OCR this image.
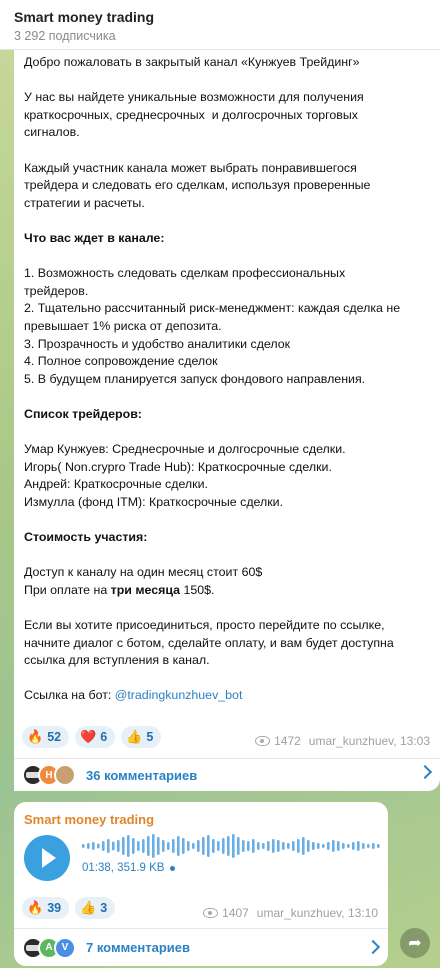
Smart money trading
3 292 подписчика
Добро пожаловать в закрытый канал «Кунжуев Трейдинг»
У нас вы найдете уникальные возможности для получения
краткосрочных, среднесрочных  и долгосрочных торговых
сигналов.
Каждый участник канала может выбрать понравившегося
трейдера и следовать его сделкам, используя проверенные
стратегии и расчеты.
Что вас ждет в канале:
1. Возможность следовать сделкам профессиональных
трейдеров.
2. Тщательно рассчитанный риск-менеджмент: каждая сделка не
превышает 1% риска от депозита.
3. Прозрачность и удобство аналитики сделок
4. Полное сопровождение сделок
5. В будущем планируется запуск фондового направления.
Список трейдеров:
Умар Кунжуев: Среднесрочные и долгосрочные сделки.
Игорь( Non.crypro Trade Hub): Краткосрочные сделки.
Андрей: Краткосрочные сделки.
Измулла (фонд ITM): Краткосрочные сделки.
Стоимость участия:
Доступ к каналу на один месяц стоит 60$
При оплате на три месяца 150$.
Если вы хотите присоединиться, просто перейдите по ссылке,
начните диалог с ботом, сделайте оплату, и вам будет доступна
ссылка для вступления в канал.
Ссылка на бот: @tradingkunzhuev_bot
🔥 52 ❤️ 6 👍 5	1472 umar_kunzhuev, 13:03
H	36 комментариев
Smart money trading
01:38, 351.9 KB
🔥 39 👍 3	1407 umar_kunzhuev, 13:10
A V	7 комментариев	➦
